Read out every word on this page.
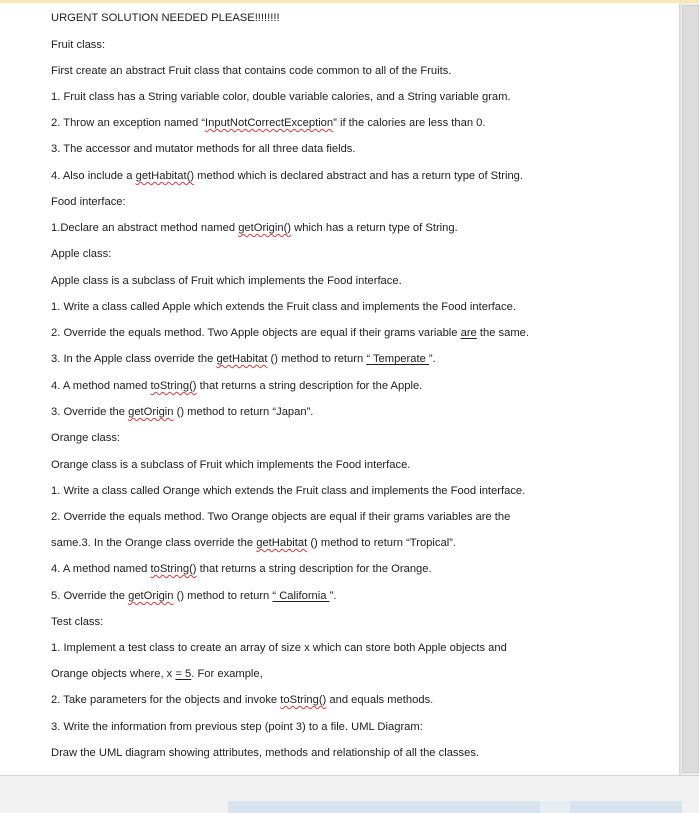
URGENT SOLUTION NEEDED PLEASE!!!!!!!!
Fruit class:
First create an abstract Fruit class that contains code common to all of the Fruits.
1. Fruit class has a String variable color, double variable calories, and a String variable gram.
2. Throw an exception named “InputNotCorrectException” if the calories are less than 0.
3. The accessor and mutator methods for all three data fields.
4. Also include a getHabitat() method which is declared abstract and has a return type of String.
Food interface:
1.Declare an abstract method named getOrigin() which has a return type of String.
Apple class:
Apple class is a subclass of Fruit which implements the Food interface.
1. Write a class called Apple which extends the Fruit class and implements the Food interface.
2. Override the equals method. Two Apple objects are equal if their grams variable are the same.
3. In the Apple class override the getHabitat () method to return “ Temperate ”.
4. A method named toString() that returns a string description for the Apple.
3. Override the getOrigin () method to return “Japan”.
Orange class:
Orange class is a subclass of Fruit which implements the Food interface.
1. Write a class called Orange which extends the Fruit class and implements the Food interface.
2. Override the equals method. Two Orange objects are equal if their grams variables are the
same.3. In the Orange class override the getHabitat () method to return “Tropical”.
4. A method named toString() that returns a string description for the Orange.
5. Override the getOrigin () method to return “ California ”.
Test class:
1. Implement a test class to create an array of size x which can store both Apple objects and
Orange objects where, x = 5. For example,
2. Take parameters for the objects and invoke toString() and equals methods.
3. Write the information from previous step (point 3) to a file. UML Diagram:
Draw the UML diagram showing attributes, methods and relationship of all the classes.
